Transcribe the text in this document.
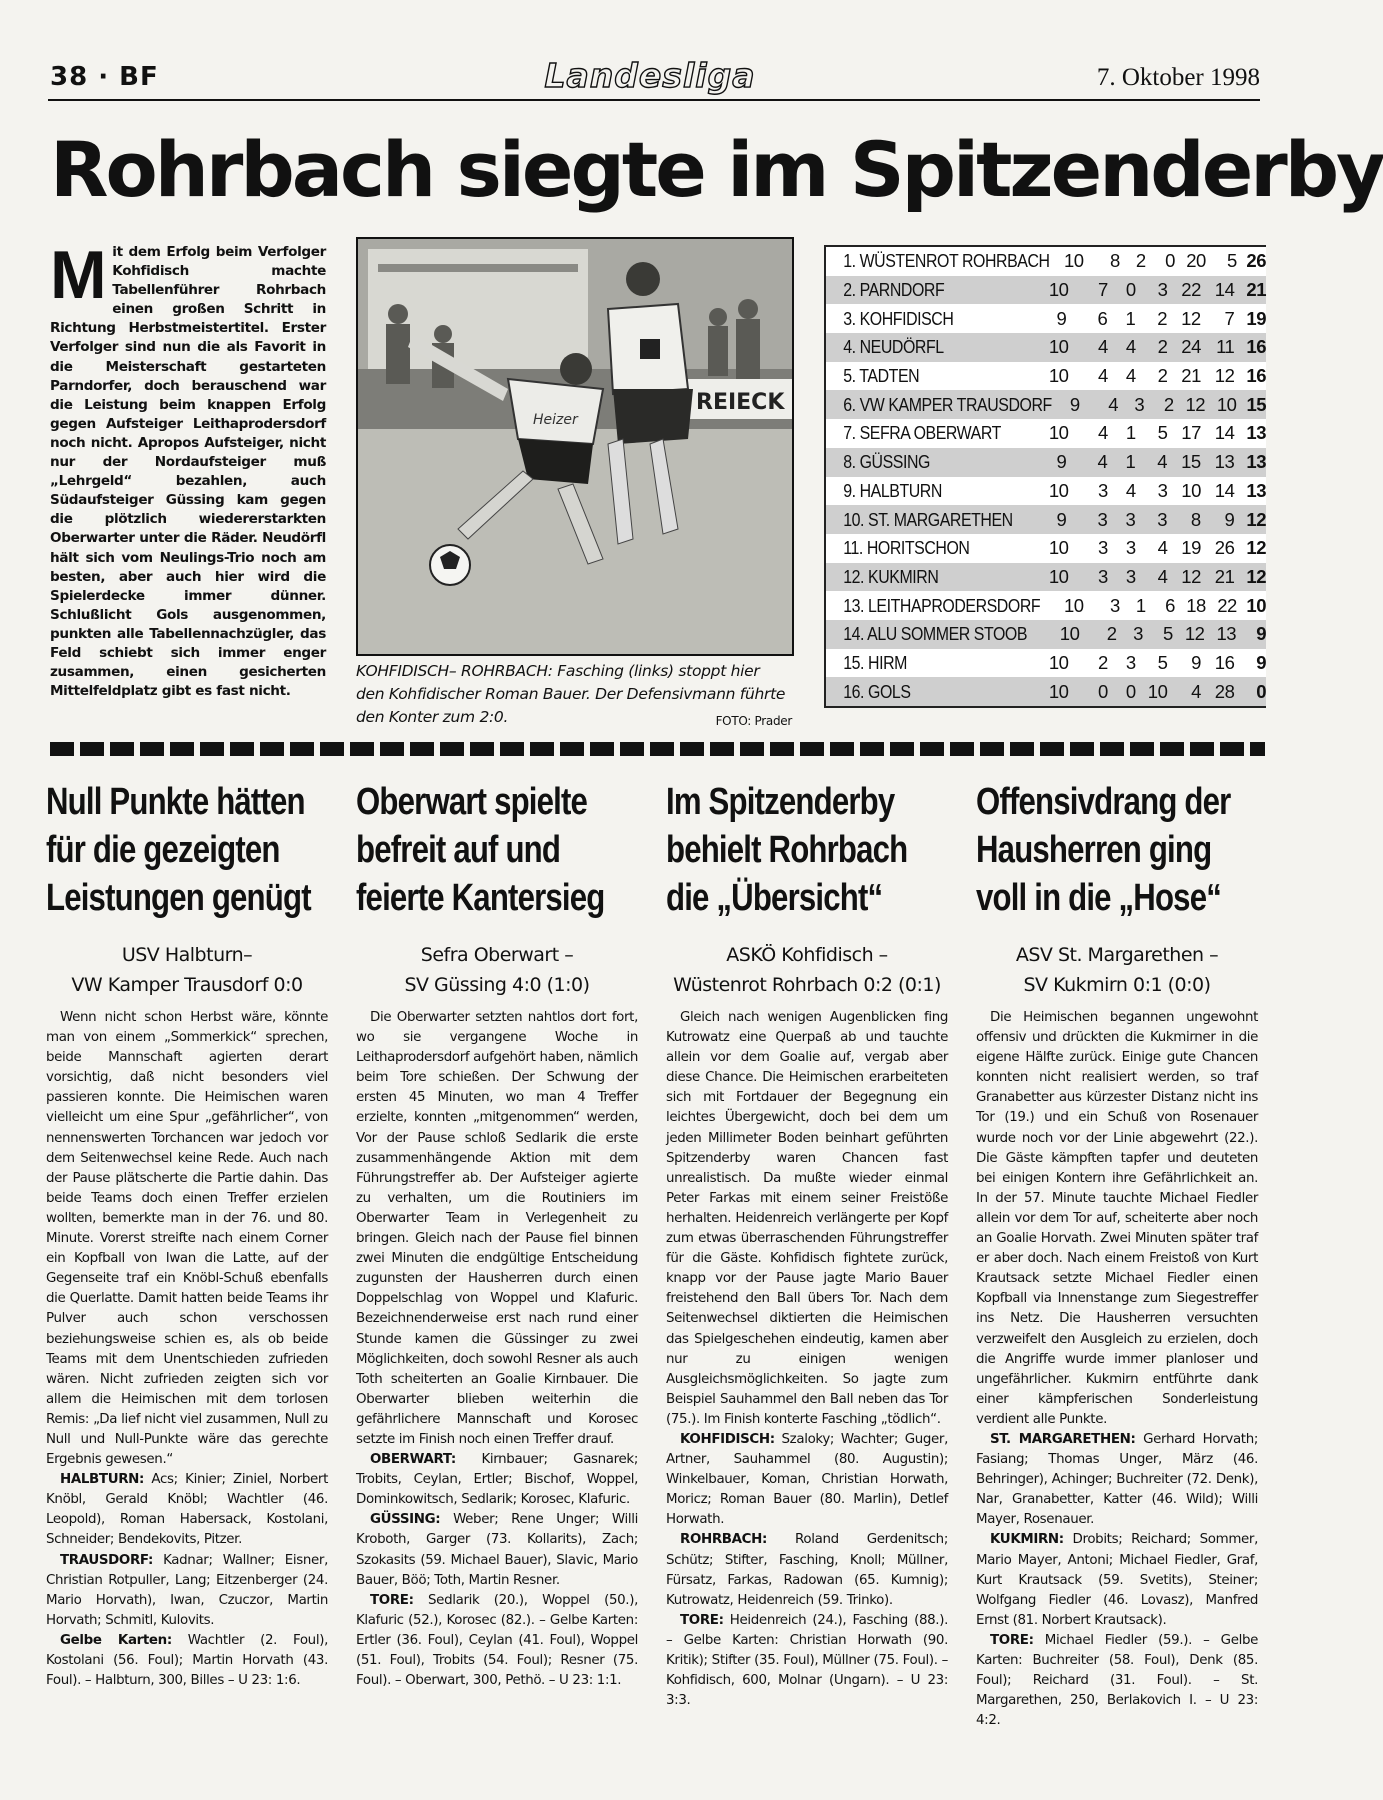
38 · BF	Landesliga	7. Oktober 1998
Rohrbach siegte im Spitzenderby
Mit dem Erfolg beim Verfolger Kohfidisch machte Tabellenführer Rohrbach einen großen Schritt in Richtung Herbstmeistertitel. Erster Verfolger sind nun die als Favorit in die Meisterschaft gestarteten Parndorfer, doch berauschend war die Leistung beim knappen Erfolg gegen Aufsteiger Leithaprodersdorf noch nicht. Apropos Aufsteiger, nicht nur der Nordaufsteiger muß „Lehrgeld“ bezahlen, auch Südaufsteiger Güssing kam gegen die plötzlich wiedererstarkten Oberwarter unter die Räder. Neudörfl hält sich vom Neulings-Trio noch am besten, aber auch hier wird die Spielerdecke immer dünner. Schlußlicht Gols ausgenommen, punkten alle Tabellennachzügler, das Feld schiebt sich immer enger zusammen, einen gesicherten Mittelfeldplatz gibt es fast nicht.
REIECK
Heizer
KOHFIDISCH– ROHRBACH: Fasching (links) stoppt hier den Kohfidischer Roman Bauer. Der Defensivmann führte den Konter zum 2:0.	FOTO: Prader
1. WÜSTENROT ROHRBACH 10	8 2	0 20	5 26
2. PARNDORF	10	7 0	3 22 14 21
3. KOHFIDISCH	9	6 1	2 12	7 19
4. NEUDÖRFL	10	4 4	2 24 11 16
5. TADTEN	10	4 4	2 21 12 16
6. VW KAMPER TRAUSDORF 9	4 3	2 12 10 15
7. SEFRA OBERWART	10	4 1	5 17 14 13
8. GÜSSING	9	4 1	4 15 13 13
9. HALBTURN	10	3 4	3 10 14 13
10. ST. MARGARETHEN	9	3 3	3	8	9 12
11. HORITSCHON	10	3 3	4 19 26 12
12. KUKMIRN	10	3 3	4 12 21 12
13. LEITHAPRODERSDORF 10	3 1	6 18 22 10
14. ALU SOMMER STOOB 10	2 3	5 12 13	9
15. HIRM	10	2 3	5	9 16	9
16. GOLS	10	0 0 10	4 28	0
Null Punkte hätten für die gezeigten Leistungen genügt
USV Halbturn–
VW Kamper Trausdorf 0:0

Wenn nicht schon Herbst wäre, könnte man von einem „Sommerkick“ sprechen, beide Mannschaft agierten derart vorsichtig, daß nicht besonders viel passieren konnte. Die Heimischen waren vielleicht um eine Spur „gefährlicher“, von nennenswerten Torchancen war jedoch vor dem Seitenwechsel keine Rede. Auch nach der Pause plätscherte die Partie dahin. Das beide Teams doch einen Treffer erzielen wollten, bemerkte man in der 76. und 80. Minute. Vorerst streifte nach einem Corner ein Kopfball von Iwan die Latte, auf der Gegenseite traf ein Knöbl-Schuß ebenfalls die Querlatte. Damit hatten beide Teams ihr Pulver auch schon verschossen beziehungsweise schien es, als ob beide Teams mit dem Unentschieden zufrieden wären. Nicht zufrieden zeigten sich vor allem die Heimischen mit dem torlosen Remis: „Da lief nicht viel zusammen, Null zu Null und Null-Punkte wäre das gerechte Ergebnis gewesen.“

HALBTURN: Acs; Kinier; Ziniel, Norbert Knöbl, Gerald Knöbl; Wachtler (46. Leopold), Roman Habersack, Kostolani, Schneider; Bendekovits, Pitzer.

TRAUSDORF: Kadnar; Wallner; Eisner, Christian Rotpuller, Lang; Eitzenberger (24. Mario Horvath), Iwan, Czuczor, Martin Horvath; Schmitl, Kulovits.

Gelbe Karten: Wachtler (2. Foul), Kostolani (56. Foul); Martin Horvath (43. Foul). – Halbturn, 300, Billes – U 23: 1:6.

Oberwart spielte befreit auf und feierte Kantersieg
Sefra Oberwart –
SV Güssing 4:0 (1:0)

Die Oberwarter setzten nahtlos dort fort, wo sie vergangene Woche in Leithaprodersdorf aufgehört haben, nämlich beim Tore schießen. Der Schwung der ersten 45 Minuten, wo man 4 Treffer erzielte, konnten „mitgenommen“ werden, Vor der Pause schloß Sedlarik die erste zusammenhängende Aktion mit dem Führungstreffer ab. Der Aufsteiger agierte zu verhalten, um die Routiniers im Oberwarter Team in Verlegenheit zu bringen. Gleich nach der Pause fiel binnen zwei Minuten die endgültige Entscheidung zugunsten der Hausherren durch einen Doppelschlag von Woppel und Klafuric. Bezeichnenderweise erst nach rund einer Stunde kamen die Güssinger zu zwei Möglichkeiten, doch sowohl Resner als auch Toth scheiterten an Goalie Kirnbauer. Die Oberwarter blieben weiterhin die gefährlichere Mannschaft und Korosec setzte im Finish noch einen Treffer drauf.

OBERWART: Kirnbauer; Gasnarek; Trobits, Ceylan, Ertler; Bischof, Woppel, Dominkowitsch, Sedlarik; Korosec, Klafuric.

GÜSSING: Weber; Rene Unger; Willi Kroboth, Garger (73. Kollarits), Zach; Szokasits (59. Michael Bauer), Slavic, Mario Bauer, Böö; Toth, Martin Resner.

TORE: Sedlarik (20.), Woppel (50.), Klafuric (52.), Korosec (82.). – Gelbe Karten: Ertler (36. Foul), Ceylan (41. Foul), Woppel (51. Foul), Trobits (54. Foul); Resner (75. Foul). – Oberwart, 300, Pethö. – U 23: 1:1.

Im Spitzenderby behielt Rohrbach die „Übersicht“
ASKÖ Kohfidisch –
Wüstenrot Rohrbach 0:2 (0:1)

Gleich nach wenigen Augenblicken fing Kutrowatz eine Querpaß ab und tauchte allein vor dem Goalie auf, vergab aber diese Chance. Die Heimischen erarbeiteten sich mit Fortdauer der Begegnung ein leichtes Übergewicht, doch bei dem um jeden Millimeter Boden beinhart geführten Spitzenderby waren Chancen fast unrealistisch. Da mußte wieder einmal Peter Farkas mit einem seiner Freistöße herhalten. Heidenreich verlängerte per Kopf zum etwas überraschenden Führungstreffer für die Gäste. Kohfidisch fightete zurück, knapp vor der Pause jagte Mario Bauer freistehend den Ball übers Tor. Nach dem Seitenwechsel diktierten die Heimischen das Spielgeschehen eindeutig, kamen aber nur zu einigen wenigen Ausgleichsmöglichkeiten. So jagte zum Beispiel Sauhammel den Ball neben das Tor (75.). Im Finish konterte Fasching „tödlich“.

KOHFIDISCH: Szaloky; Wachter; Guger, Artner, Sauhammel (80. Augustin); Winkelbauer, Koman, Christian Horwath, Moricz; Roman Bauer (80. Marlin), Detlef Horwath.

ROHRBACH: Roland Gerdenitsch; Schütz; Stifter, Fasching, Knoll; Müllner, Fürsatz, Farkas, Radowan (65. Kumnig); Kutrowatz, Heidenreich (59. Trinko).

TORE: Heidenreich (24.), Fasching (88.). – Gelbe Karten: Christian Horwath (90. Kritik); Stifter (35. Foul), Müllner (75. Foul). – Kohfidisch, 600, Molnar (Ungarn). – U 23: 3:3.

Offensivdrang der Hausherren ging voll in die „Hose“
ASV St. Margarethen –
SV Kukmirn 0:1 (0:0)

Die Heimischen begannen ungewohnt offensiv und drückten die Kukmirner in die eigene Hälfte zurück. Einige gute Chancen konnten nicht realisiert werden, so traf Granabetter aus kürzester Distanz nicht ins Tor (19.) und ein Schuß von Rosenauer wurde noch vor der Linie abgewehrt (22.). Die Gäste kämpften tapfer und deuteten bei einigen Kontern ihre Gefährlichkeit an. In der 57. Minute tauchte Michael Fiedler allein vor dem Tor auf, scheiterte aber noch an Goalie Horvath. Zwei Minuten später traf er aber doch. Nach einem Freistoß von Kurt Krautsack setzte Michael Fiedler einen Kopfball via Innenstange zum Siegestreffer ins Netz. Die Hausherren versuchten verzweifelt den Ausgleich zu erzielen, doch die Angriffe wurde immer planloser und ungefährlicher. Kukmirn entführte dank einer kämpferischen Sonderleistung verdient alle Punkte.

ST. MARGARETHEN: Gerhard Horvath; Fasiang; Thomas Unger, März (46. Behringer), Achinger; Buchreiter (72. Denk), Nar, Granabetter, Katter (46. Wild); Willi Mayer, Rosenauer.

KUKMIRN: Drobits; Reichard; Sommer, Mario Mayer, Antoni; Michael Fiedler, Graf, Kurt Krautsack (59. Svetits), Steiner; Wolfgang Fiedler (46. Lovasz), Manfred Ernst (81. Norbert Krautsack).

TORE: Michael Fiedler (59.). – Gelbe Karten: Buchreiter (58. Foul), Denk (85. Foul); Reichard (31. Foul). – St. Margarethen, 250, Berlakovich I. – U 23: 4:2.
